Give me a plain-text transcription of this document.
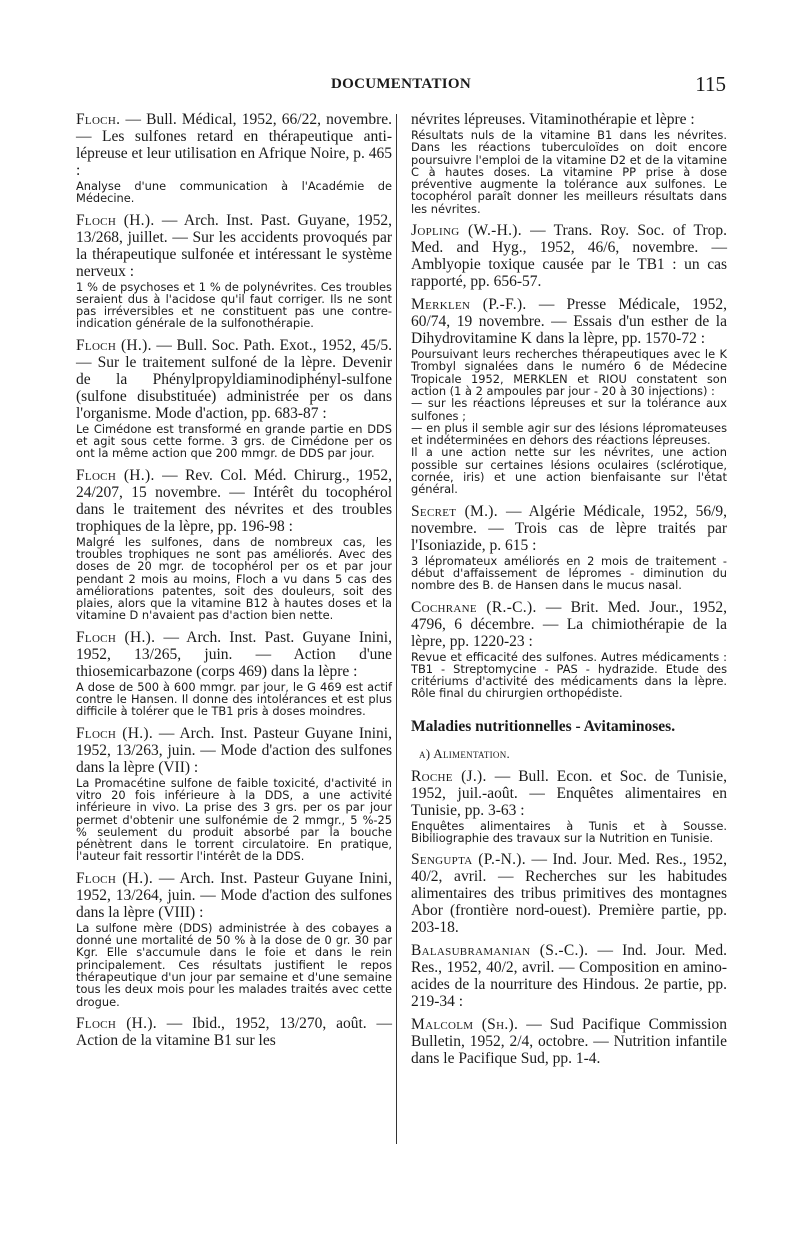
DOCUMENTATION	115

Floch. — Bull. Médical, 1952, 66/22, novembre. — Les sulfones retard en thérapeutique anti-lépreuse et leur utilisation en Afrique Noire, p. 465 :

Analyse d'une communication à l'Académie de Médecine.

Floch (H.). — Arch. Inst. Past. Guyane, 1952, 13/268, juillet. — Sur les accidents provoqués par la thérapeutique sulfonée et intéressant le système nerveux :

1 % de psychoses et 1 % de polynévrites. Ces troubles seraient dus à l'acidose qu'il faut corriger. Ils ne sont pas irréversibles et ne constituent pas une contre-indication générale de la sulfonothérapie.

Floch (H.). — Bull. Soc. Path. Exot., 1952, 45/5. — Sur le traitement sulfoné de la lèpre. Devenir de la Phénylpropyldiaminodiphényl-sulfone (sulfone disubstituée) administrée per os dans l'organisme. Mode d'action, pp. 683-87 :

Le Cimédone est transformé en grande partie en DDS et agit sous cette forme. 3 grs. de Cimédone per os ont la même action que 200 mmgr. de DDS par jour.

Floch (H.). — Rev. Col. Méd. Chirurg., 1952, 24/207, 15 novembre. — Intérêt du tocophérol dans le traitement des névrites et des troubles trophiques de la lèpre, pp. 196-98 :

Malgré les sulfones, dans de nombreux cas, les troubles trophiques ne sont pas améliorés. Avec des doses de 20 mgr. de tocophérol per os et par jour pendant 2 mois au moins, Floch a vu dans 5 cas des améliorations patentes, soit des douleurs, soit des plaies, alors que la vitamine B12 à hautes doses et la vitamine D n'avaient pas d'action bien nette.

Floch (H.). — Arch. Inst. Past. Guyane Inini, 1952, 13/265, juin. — Action d'une thiosemicarbazone (corps 469) dans la lèpre :

A dose de 500 à 600 mmgr. par jour, le G 469 est actif contre le Hansen. Il donne des intolérances et est plus difficile à tolérer que le TB1 pris à doses moindres.

Floch (H.). — Arch. Inst. Pasteur Guyane Inini, 1952, 13/263, juin. — Mode d'action des sulfones dans la lèpre (VII) :

La Promacétine sulfone de faible toxicité, d'activité in vitro 20 fois inférieure à la DDS, a une activité inférieure in vivo. La prise des 3 grs. per os par jour permet d'obtenir une sulfonémie de 2 mmgr., 5 %-25 % seulement du produit absorbé par la bouche pénètrent dans le torrent circulatoire. En pratique, l'auteur fait ressortir l'intérêt de la DDS.

Floch (H.). — Arch. Inst. Pasteur Guyane Inini, 1952, 13/264, juin. — Mode d'action des sulfones dans la lèpre (VIII) :

La sulfone mère (DDS) administrée à des cobayes a donné une mortalité de 50 % à la dose de 0 gr. 30 par Kgr. Elle s'accumule dans le foie et dans le rein principalement. Ces résultats justifient le repos thérapeutique d'un jour par semaine et d'une semaine tous les deux mois pour les malades traités avec cette drogue.

Floch (H.). — Ibid., 1952, 13/270, août. — Action de la vitamine B1 sur les

névrites lépreuses. Vitaminothérapie et lèpre :

Résultats nuls de la vitamine B1 dans les névrites. Dans les réactions tuberculoïdes on doit encore poursuivre l'emploi de la vitamine D2 et de la vitamine C à hautes doses. La vitamine PP prise à dose préventive augmente la tolérance aux sulfones. Le tocophérol paraît donner les meilleurs résultats dans les névrites.

Jopling (W.-H.). — Trans. Roy. Soc. of Trop. Med. and Hyg., 1952, 46/6, novembre. — Amblyopie toxique causée par le TB1 : un cas rapporté, pp. 656-57.

Merklen (P.-F.). — Presse Médicale, 1952, 60/74, 19 novembre. — Essais d'un esther de la Dihydrovitamine K dans la lèpre, pp. 1570-72 :

Poursuivant leurs recherches thérapeutiques avec le K Trombyl signalées dans le numéro 6 de Médecine Tropicale 1952, MERKLEN et RIOU constatent son action (1 à 2 ampoules par jour - 20 à 30 injections) :
— sur les réactions lépreuses et sur la tolérance aux sulfones ;
— en plus il semble agir sur des lésions lépromateuses et indéterminées en dehors des réactions lépreuses.
Il a une action nette sur les névrites, une action possible sur certaines lésions oculaires (sclérotique, cornée, iris) et une action bienfaisante sur l'état général.

Secret (M.). — Algérie Médicale, 1952, 56/9, novembre. — Trois cas de lèpre traités par l'Isoniazide, p. 615 :

3 lépromateux améliorés en 2 mois de traitement - début d'affaissement de lépromes - diminution du nombre des B. de Hansen dans le mucus nasal.

Cochrane (R.-C.). — Brit. Med. Jour., 1952, 4796, 6 décembre. — La chimiothérapie de la lèpre, pp. 1220-23 :

Revue et efficacité des sulfones. Autres médicaments : TB1 - Streptomycine - PAS - hydrazide. Etude des critériums d'activité des médicaments dans la lèpre. Rôle final du chirurgien orthopédiste.
Maladies nutritionnelles - Avitaminoses.
a) Alimentation.

Roche (J.). — Bull. Econ. et Soc. de Tunisie, 1952, juil.-août. — Enquêtes alimentaires en Tunisie, pp. 3-63 :

Enquêtes alimentaires à Tunis et à Sousse. Bibiliographie des travaux sur la Nutrition en Tunisie.

Sengupta (P.-N.). — Ind. Jour. Med. Res., 1952, 40/2, avril. — Recherches sur les habitudes alimentaires des tribus primitives des montagnes Abor (frontière nord-ouest). Première partie, pp. 203-18.

Balasubramanian (S.-C.). — Ind. Jour. Med. Res., 1952, 40/2, avril. — Composition en amino-acides de la nourriture des Hindous. 2e partie, pp. 219-34 :

Malcolm (Sh.). — Sud Pacifique Commission Bulletin, 1952, 2/4, octobre. — Nutrition infantile dans le Pacifique Sud, pp. 1-4.
